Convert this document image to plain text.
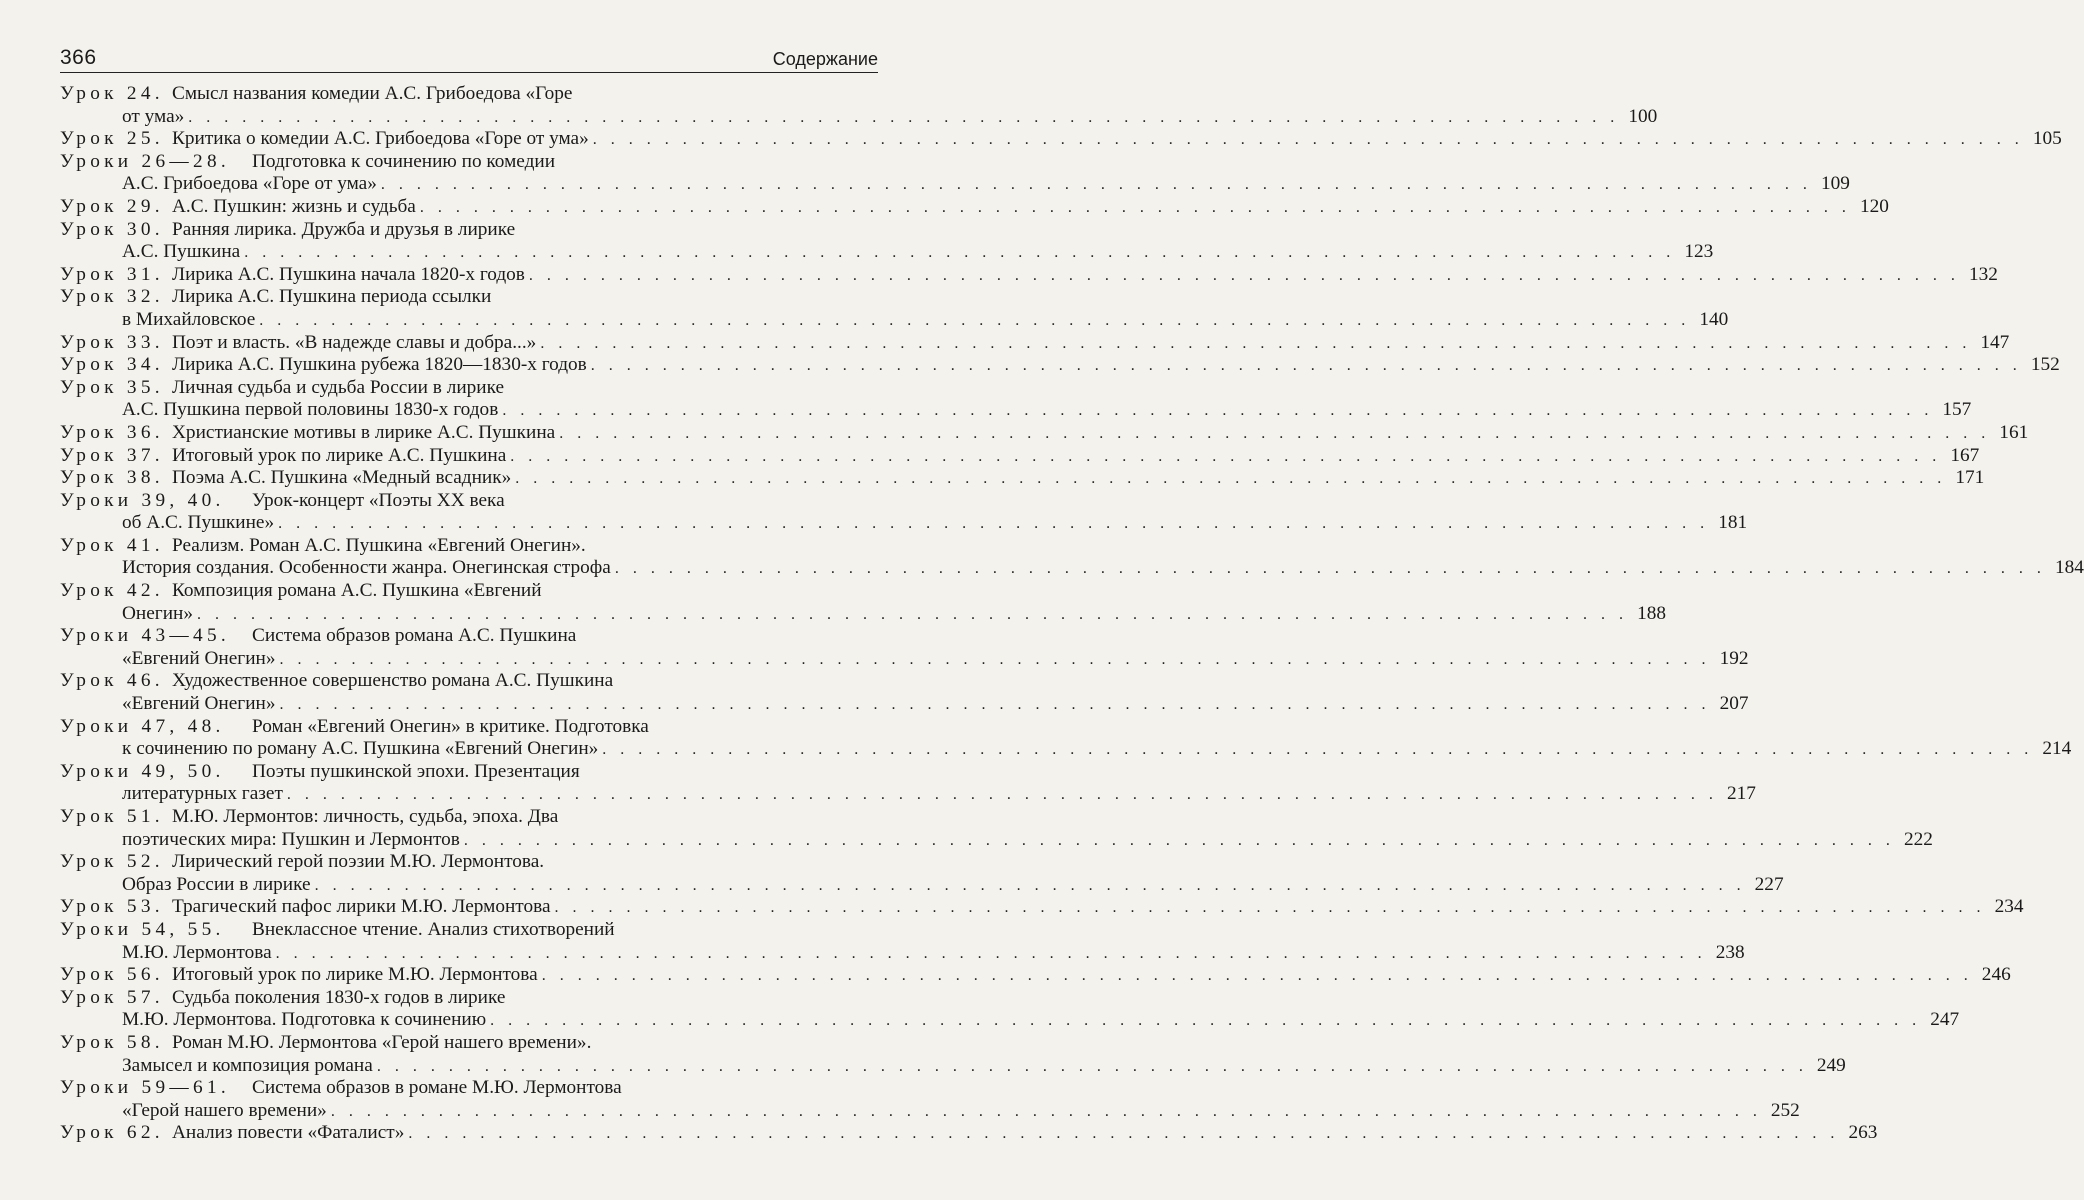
366	Содержание
Урок 24. Смысл названия комедии А.С. Грибоедова «Горе
от ума» . . . . . . . . . . . . . . . . . . . . . . . . . . . . . . . . . . . . . . . . . . . . . . . . . . . . . . . . . . . . . . . . . . . . . . . . . . . . . . . . 100
Урок 25. Критика о комедии А.С. Грибоедова «Горе от ума» . . . . . . . . . . . . . . . . . . . . . . . . . . . . . . . . . . . . . . . . . . . . . . . . . . . . . . . . . . . . . . . . . . . . . . . . . . . . . . . . 105
Уроки 26—28.	Подготовка к сочинению по комедии
А.С. Грибоедова «Горе от ума» . . . . . . . . . . . . . . . . . . . . . . . . . . . . . . . . . . . . . . . . . . . . . . . . . . . . . . . . . . . . . . . . . . . . . . . . . . . . . . . . 109
Урок 29. А.С. Пушкин: жизнь и судьба . . . . . . . . . . . . . . . . . . . . . . . . . . . . . . . . . . . . . . . . . . . . . . . . . . . . . . . . . . . . . . . . . . . . . . . . . . . . . . . . 120
Урок 30. Ранняя лирика. Дружба и друзья в лирике
А.С. Пушкина . . . . . . . . . . . . . . . . . . . . . . . . . . . . . . . . . . . . . . . . . . . . . . . . . . . . . . . . . . . . . . . . . . . . . . . . . . . . . . . . 123
Урок 31. Лирика А.С. Пушкина начала 1820-х годов . . . . . . . . . . . . . . . . . . . . . . . . . . . . . . . . . . . . . . . . . . . . . . . . . . . . . . . . . . . . . . . . . . . . . . . . . . . . . . . . 132
Урок 32. Лирика А.С. Пушкина периода ссылки
в Михайловское . . . . . . . . . . . . . . . . . . . . . . . . . . . . . . . . . . . . . . . . . . . . . . . . . . . . . . . . . . . . . . . . . . . . . . . . . . . . . . . . 140
Урок 33. Поэт и власть. «В надежде славы и добра...» . . . . . . . . . . . . . . . . . . . . . . . . . . . . . . . . . . . . . . . . . . . . . . . . . . . . . . . . . . . . . . . . . . . . . . . . . . . . . . . . 147
Урок 34. Лирика А.С. Пушкина рубежа 1820—1830-х годов . . . . . . . . . . . . . . . . . . . . . . . . . . . . . . . . . . . . . . . . . . . . . . . . . . . . . . . . . . . . . . . . . . . . . . . . . . . . . . . . 152
Урок 35. Личная судьба и судьба России в лирике
А.С. Пушкина первой половины 1830-х годов . . . . . . . . . . . . . . . . . . . . . . . . . . . . . . . . . . . . . . . . . . . . . . . . . . . . . . . . . . . . . . . . . . . . . . . . . . . . . . . . 157
Урок 36. Христианские мотивы в лирике А.С. Пушкина . . . . . . . . . . . . . . . . . . . . . . . . . . . . . . . . . . . . . . . . . . . . . . . . . . . . . . . . . . . . . . . . . . . . . . . . . . . . . . . . 161
Урок 37. Итоговый урок по лирике А.С. Пушкина . . . . . . . . . . . . . . . . . . . . . . . . . . . . . . . . . . . . . . . . . . . . . . . . . . . . . . . . . . . . . . . . . . . . . . . . . . . . . . . . 167
Урок 38. Поэма А.С. Пушкина «Медный всадник» . . . . . . . . . . . . . . . . . . . . . . . . . . . . . . . . . . . . . . . . . . . . . . . . . . . . . . . . . . . . . . . . . . . . . . . . . . . . . . . . 171
Уроки 39, 40.	Урок-концерт «Поэты XX века
об А.С. Пушкине» . . . . . . . . . . . . . . . . . . . . . . . . . . . . . . . . . . . . . . . . . . . . . . . . . . . . . . . . . . . . . . . . . . . . . . . . . . . . . . . . 181
Урок 41. Реализм. Роман А.С. Пушкина «Евгений Онегин».
История создания. Особенности жанра. Онегинская строфа . . . . . . . . . . . . . . . . . . . . . . . . . . . . . . . . . . . . . . . . . . . . . . . . . . . . . . . . . . . . . . . . . . . . . . . . . . . . . . . . 184
Урок 42. Композиция романа А.С. Пушкина «Евгений
Онегин» . . . . . . . . . . . . . . . . . . . . . . . . . . . . . . . . . . . . . . . . . . . . . . . . . . . . . . . . . . . . . . . . . . . . . . . . . . . . . . . . 188
Уроки 43—45.	Система образов романа А.С. Пушкина
«Евгений Онегин» . . . . . . . . . . . . . . . . . . . . . . . . . . . . . . . . . . . . . . . . . . . . . . . . . . . . . . . . . . . . . . . . . . . . . . . . . . . . . . . . 192
Урок 46. Художественное совершенство романа А.С. Пушкина
«Евгений Онегин» . . . . . . . . . . . . . . . . . . . . . . . . . . . . . . . . . . . . . . . . . . . . . . . . . . . . . . . . . . . . . . . . . . . . . . . . . . . . . . . . 207
Уроки 47, 48.	Роман «Евгений Онегин» в критике. Подготовка
к сочинению по роману А.С. Пушкина «Евгений Онегин» . . . . . . . . . . . . . . . . . . . . . . . . . . . . . . . . . . . . . . . . . . . . . . . . . . . . . . . . . . . . . . . . . . . . . . . . . . . . . . . . 214
Уроки 49, 50.	Поэты пушкинской эпохи. Презентация
литературных газет . . . . . . . . . . . . . . . . . . . . . . . . . . . . . . . . . . . . . . . . . . . . . . . . . . . . . . . . . . . . . . . . . . . . . . . . . . . . . . . . 217
Урок 51. М.Ю. Лермонтов: личность, судьба, эпоха. Два
поэтических мира: Пушкин и Лермонтов . . . . . . . . . . . . . . . . . . . . . . . . . . . . . . . . . . . . . . . . . . . . . . . . . . . . . . . . . . . . . . . . . . . . . . . . . . . . . . . . 222
Урок 52. Лирический герой поэзии М.Ю. Лермонтова.
Образ России в лирике . . . . . . . . . . . . . . . . . . . . . . . . . . . . . . . . . . . . . . . . . . . . . . . . . . . . . . . . . . . . . . . . . . . . . . . . . . . . . . . . 227
Урок 53. Трагический пафос лирики М.Ю. Лермонтова . . . . . . . . . . . . . . . . . . . . . . . . . . . . . . . . . . . . . . . . . . . . . . . . . . . . . . . . . . . . . . . . . . . . . . . . . . . . . . . . 234
Уроки 54, 55.	Внеклассное чтение. Анализ стихотворений
М.Ю. Лермонтова . . . . . . . . . . . . . . . . . . . . . . . . . . . . . . . . . . . . . . . . . . . . . . . . . . . . . . . . . . . . . . . . . . . . . . . . . . . . . . . . 238
Урок 56. Итоговый урок по лирике М.Ю. Лермонтова . . . . . . . . . . . . . . . . . . . . . . . . . . . . . . . . . . . . . . . . . . . . . . . . . . . . . . . . . . . . . . . . . . . . . . . . . . . . . . . . 246
Урок 57. Судьба поколения 1830-х годов в лирике
М.Ю. Лермонтова. Подготовка к сочинению . . . . . . . . . . . . . . . . . . . . . . . . . . . . . . . . . . . . . . . . . . . . . . . . . . . . . . . . . . . . . . . . . . . . . . . . . . . . . . . . 247
Урок 58. Роман М.Ю. Лермонтова «Герой нашего времени».
Замысел и композиция романа . . . . . . . . . . . . . . . . . . . . . . . . . . . . . . . . . . . . . . . . . . . . . . . . . . . . . . . . . . . . . . . . . . . . . . . . . . . . . . . . 249
Уроки 59—61.	Система образов в романе М.Ю. Лермонтова
«Герой нашего времени» . . . . . . . . . . . . . . . . . . . . . . . . . . . . . . . . . . . . . . . . . . . . . . . . . . . . . . . . . . . . . . . . . . . . . . . . . . . . . . . . 252
Урок 62. Анализ повести «Фаталист» . . . . . . . . . . . . . . . . . . . . . . . . . . . . . . . . . . . . . . . . . . . . . . . . . . . . . . . . . . . . . . . . . . . . . . . . . . . . . . . . 263
